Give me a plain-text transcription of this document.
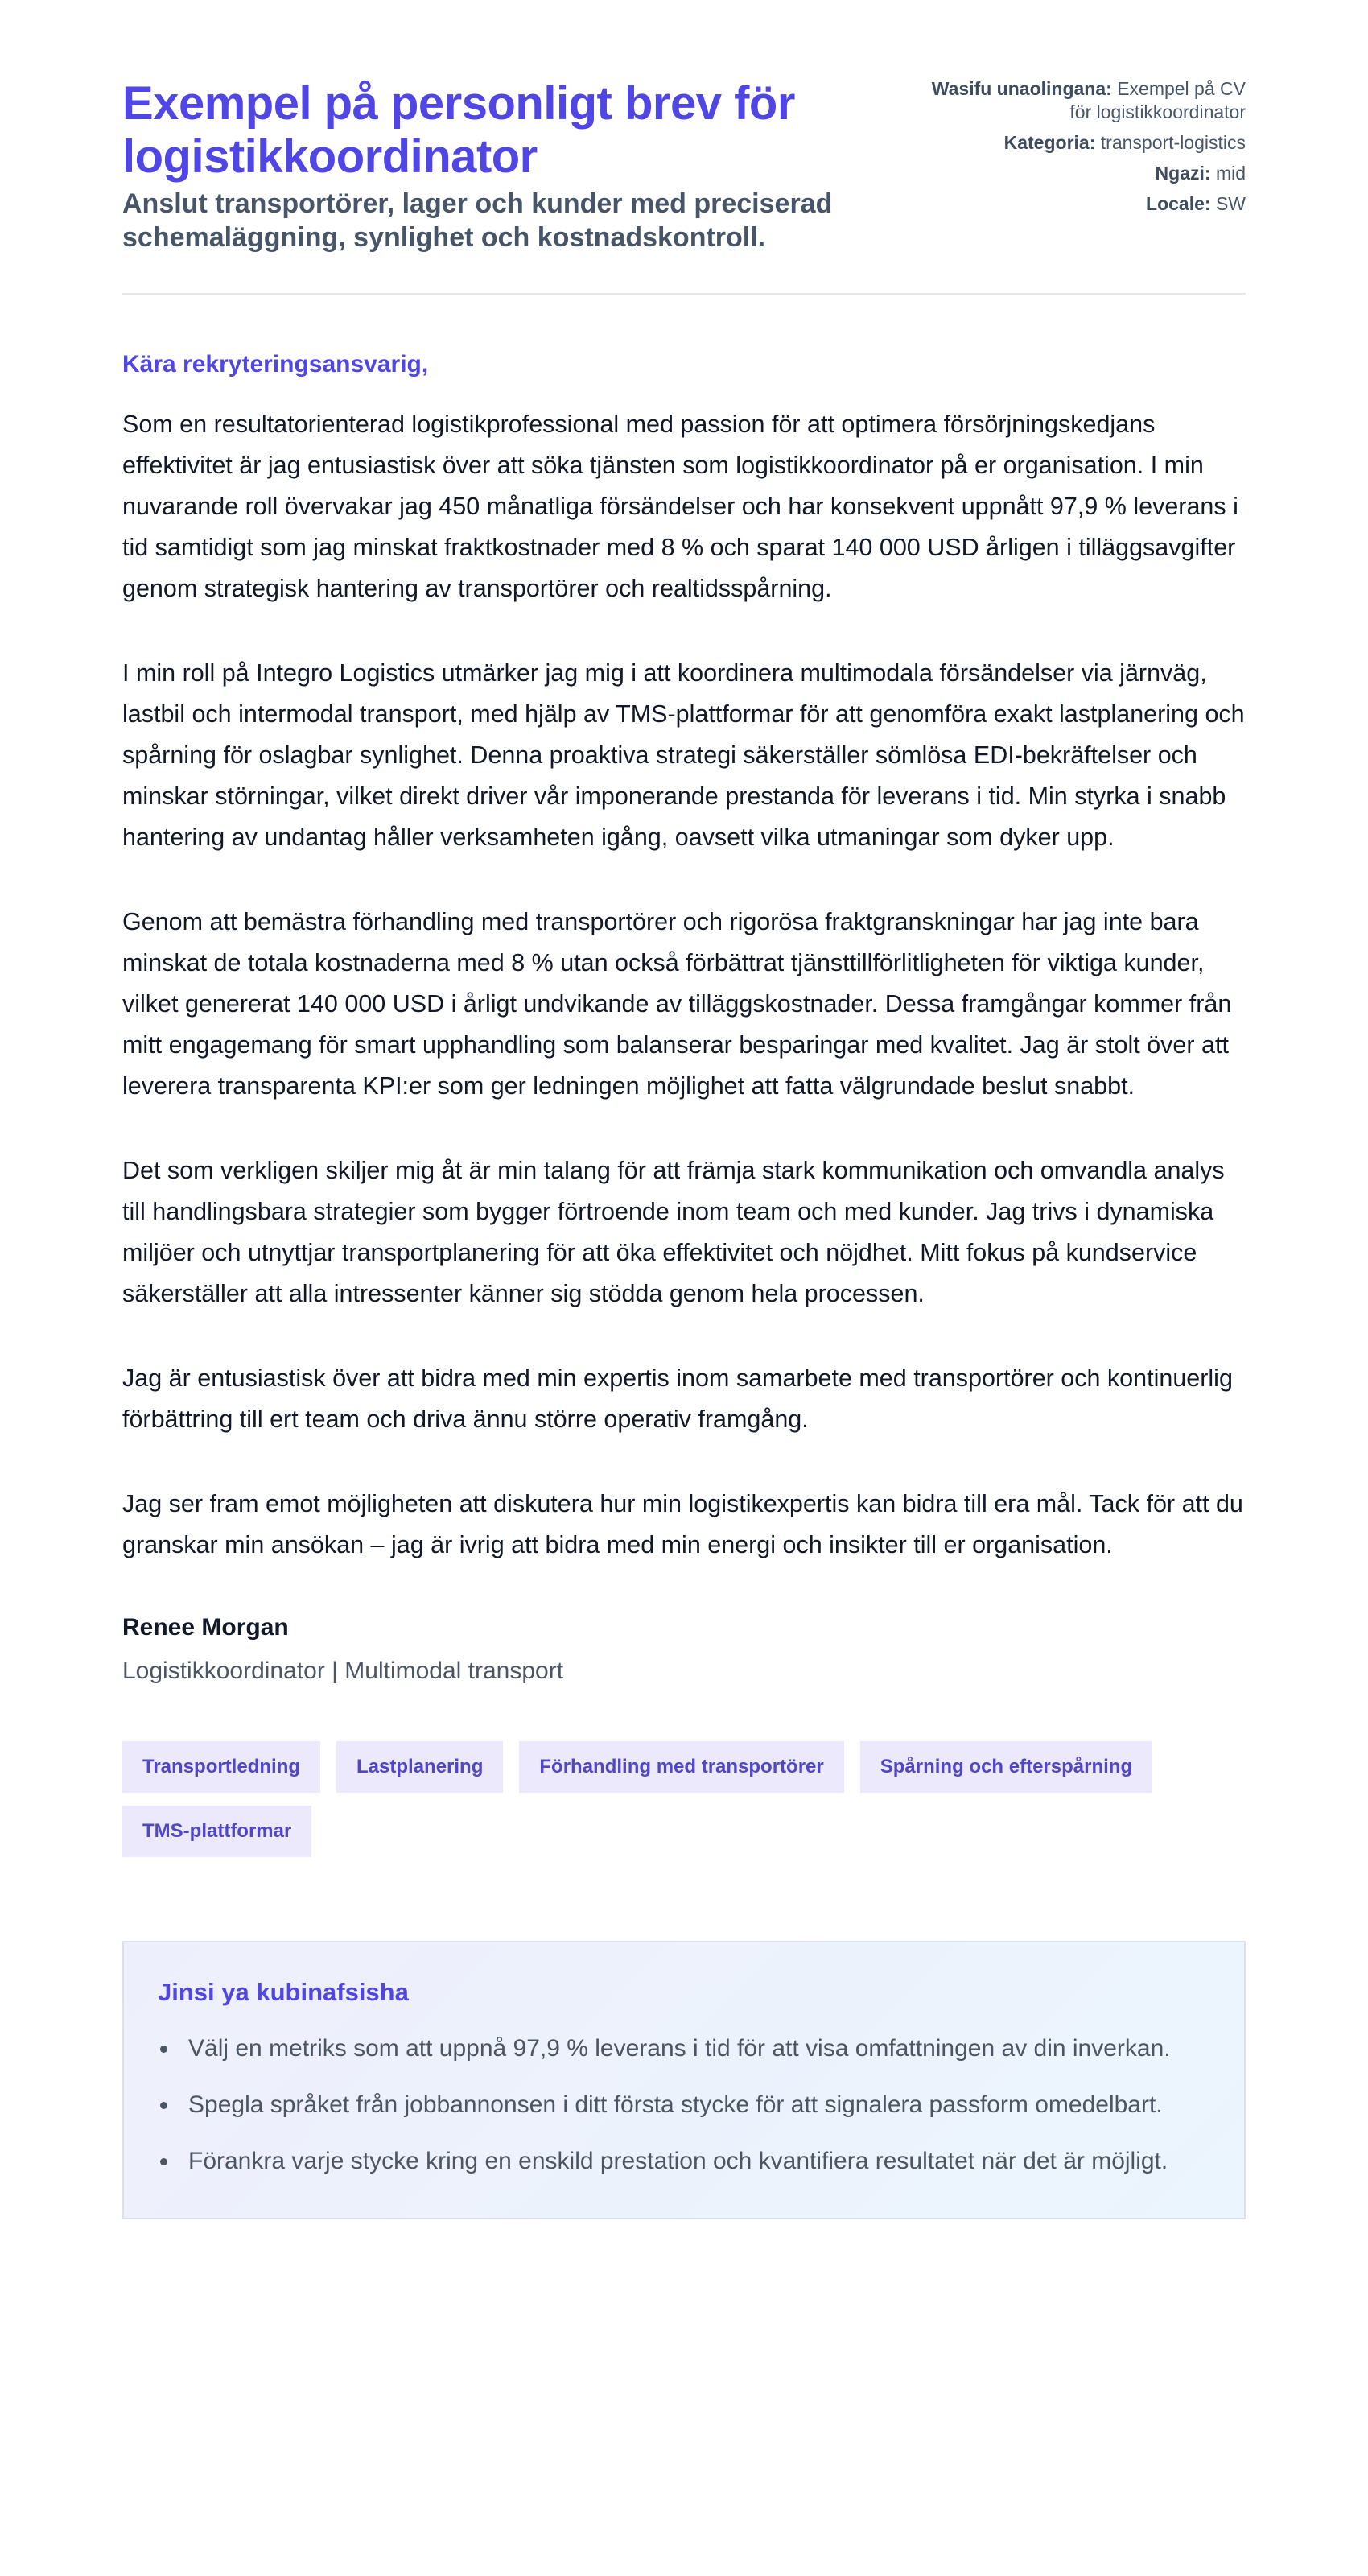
Exempel på personligt brev för logistikkoordinator
Anslut transportörer, lager och kunder med preciserad schemaläggning, synlighet och kostnadskontroll.
Wasifu unaolingana: Exempel på CV för logistikkoordinator
Kategoria: transport-logistics
Ngazi: mid
Locale: SW
Kära rekryteringsansvarig,

Som en resultatorienterad logistikprofessional med passion för att optimera försörjningskedjans effektivitet är jag entusiastisk över att söka tjänsten som logistikkoordinator på er organisation. I min nuvarande roll övervakar jag 450 månatliga försändelser och har konsekvent uppnått 97,9 % leverans i tid samtidigt som jag minskat fraktkostnader med 8 % och sparat 140 000 USD årligen i tilläggsavgifter genom strategisk hantering av transportörer och realtidsspårning.

I min roll på Integro Logistics utmärker jag mig i att koordinera multimodala försändelser via järnväg, lastbil och intermodal transport, med hjälp av TMS-plattformar för att genomföra exakt lastplanering och spårning för oslagbar synlighet. Denna proaktiva strategi säkerställer sömlösa EDI-bekräftelser och minskar störningar, vilket direkt driver vår imponerande prestanda för leverans i tid. Min styrka i snabb hantering av undantag håller verksamheten igång, oavsett vilka utmaningar som dyker upp.

Genom att bemästra förhandling med transportörer och rigorösa fraktgranskningar har jag inte bara minskat de totala kostnaderna med 8 % utan också förbättrat tjänsttillförlitligheten för viktiga kunder, vilket genererat 140 000 USD i årligt undvikande av tilläggskostnader. Dessa framgångar kommer från mitt engagemang för smart upphandling som balanserar besparingar med kvalitet. Jag är stolt över att leverera transparenta KPI:er som ger ledningen möjlighet att fatta välgrundade beslut snabbt.

Det som verkligen skiljer mig åt är min talang för att främja stark kommunikation och omvandla analys till handlingsbara strategier som bygger förtroende inom team och med kunder. Jag trivs i dynamiska miljöer och utnyttjar transportplanering för att öka effektivitet och nöjdhet. Mitt fokus på kundservice säkerställer att alla intressenter känner sig stödda genom hela processen.

Jag är entusiastisk över att bidra med min expertis inom samarbete med transportörer och kontinuerlig förbättring till ert team och driva ännu större operativ framgång.

Jag ser fram emot möjligheten att diskutera hur min logistikexpertis kan bidra till era mål. Tack för att du granskar min ansökan – jag är ivrig att bidra med min energi och insikter till er organisation.

Renee Morgan
Logistikkoordinator | Multimodal transport
Transportledning	Lastplanering	Förhandling med transportörer	Spårning och efterspårning
TMS-plattformar
Jinsi ya kubinafsisha
Välj en metriks som att uppnå 97,9 % leverans i tid för att visa omfattningen av din inverkan.
Spegla språket från jobbannonsen i ditt första stycke för att signalera passform omedelbart.
Förankra varje stycke kring en enskild prestation och kvantifiera resultatet när det är möjligt.
